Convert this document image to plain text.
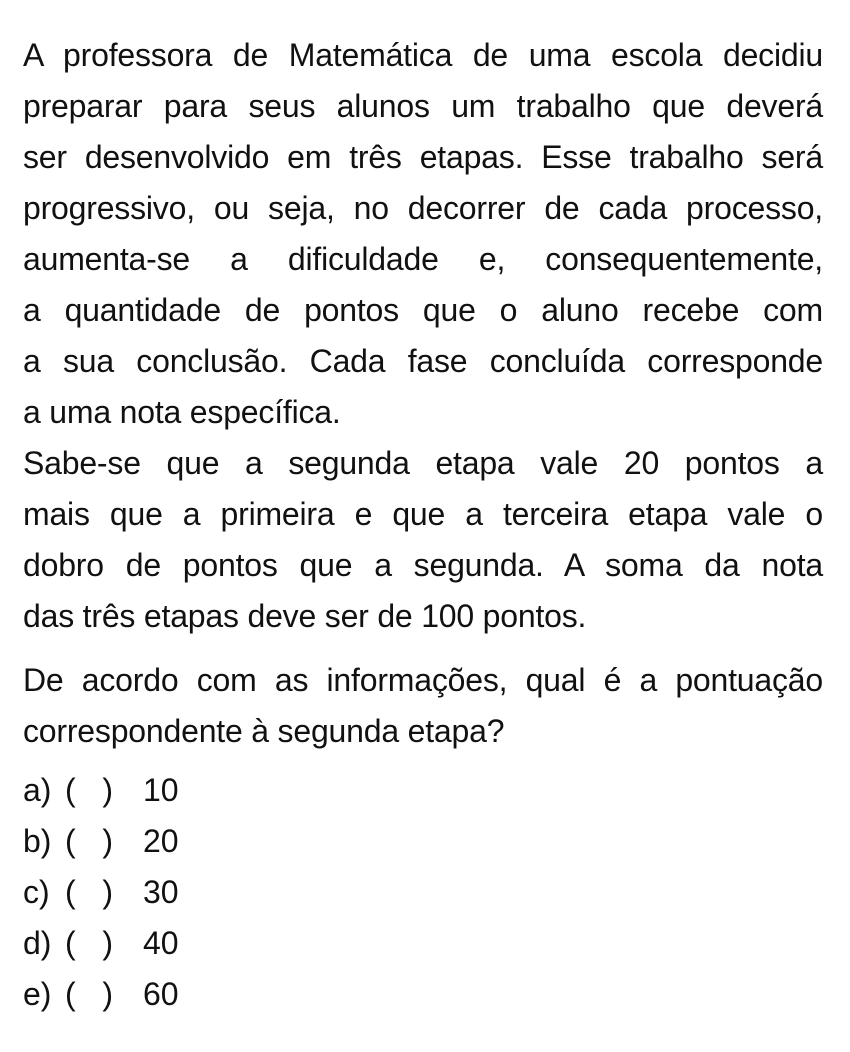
A professora de Matemática de uma escola decidiu
preparar para seus alunos um trabalho que deverá
ser desenvolvido em três etapas. Esse trabalho será
progressivo, ou seja, no decorrer de cada processo,
aumenta-se a dificuldade e, consequentemente,
a quantidade de pontos que o aluno recebe com
a sua conclusão. Cada fase concluída corresponde
a uma nota específica.

Sabe-se que a segunda etapa vale 20 pontos a
mais que a primeira e que a terceira etapa vale o
dobro de pontos que a segunda. A soma da nota
das três etapas deve ser de 100 pontos.

De acordo com as informações, qual é a pontuação
correspondente à segunda etapa?

a) (   ) 10
b) (   ) 20
c) (   ) 30
d) (   ) 40
e) (   ) 60
